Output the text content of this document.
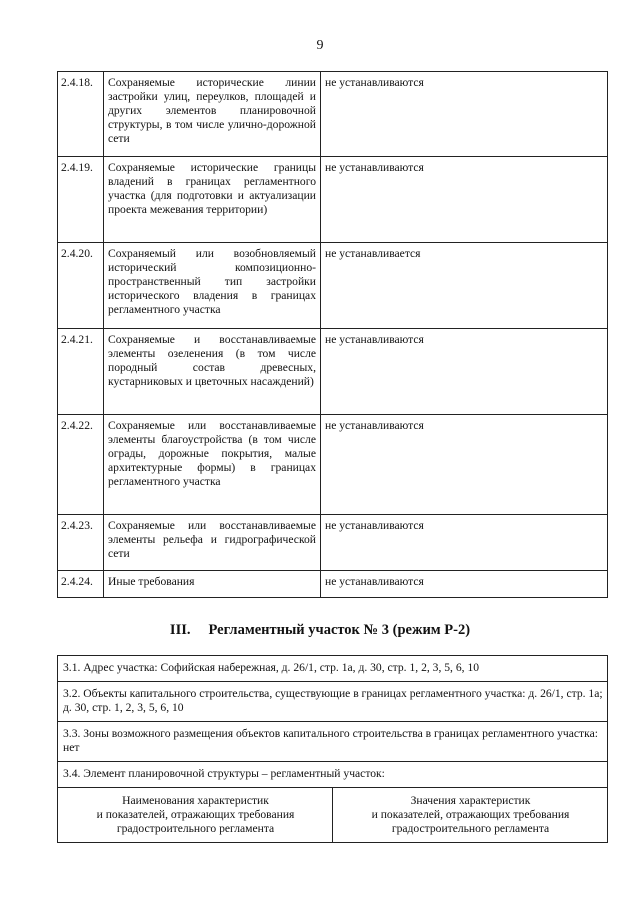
9
2.4.18.	Сохраняемые исторические линии застройки улиц, переулков, площадей и других элементов планировочной структуры, в том числе улично-дорожной сети	не устанавливаются
2.4.19.	Сохраняемые исторические границы владений в границах регламентного участка (для подготовки и актуализации проекта межевания территории)	не устанавливаются
2.4.20.	Сохраняемый или возобновляемый исторический композиционно-пространственный тип застройки исторического владения в границах регламентного участка	не устанавливается
2.4.21.	Сохраняемые и восстанавливаемые элементы озеленения (в том числе породный состав древесных, кустарниковых и цветочных насаждений)	не устанавливаются
2.4.22.	Сохраняемые или восстанавливаемые элементы благоустройства (в том числе ограды, дорожные покрытия, малые архитектурные формы) в границах регламентного участка	не устанавливаются
2.4.23.	Сохраняемые или восстанавливаемые элементы рельефа и гидрографической сети	не устанавливаются
2.4.24.	Иные требования	не устанавливаются
III. Регламентный участок № 3 (режим Р-2)
3.1. Адрес участка: Софийская набережная, д. 26/1, стр. 1а, д. 30, стр. 1, 2, 3, 5, 6, 10
3.2. Объекты капитального строительства, существующие в границах регламентного участка: д. 26/1, стр. 1а; д. 30, стр. 1, 2, 3, 5, 6, 10
3.3. Зоны возможного размещения объектов капитального строительства в границах регламентного участка: нет
3.4. Элемент планировочной структуры – регламентный участок:
Наименования характеристик
и показателей, отражающих требования
градостроительного регламента	Значения характеристик
и показателей, отражающих требования
градостроительного регламента
